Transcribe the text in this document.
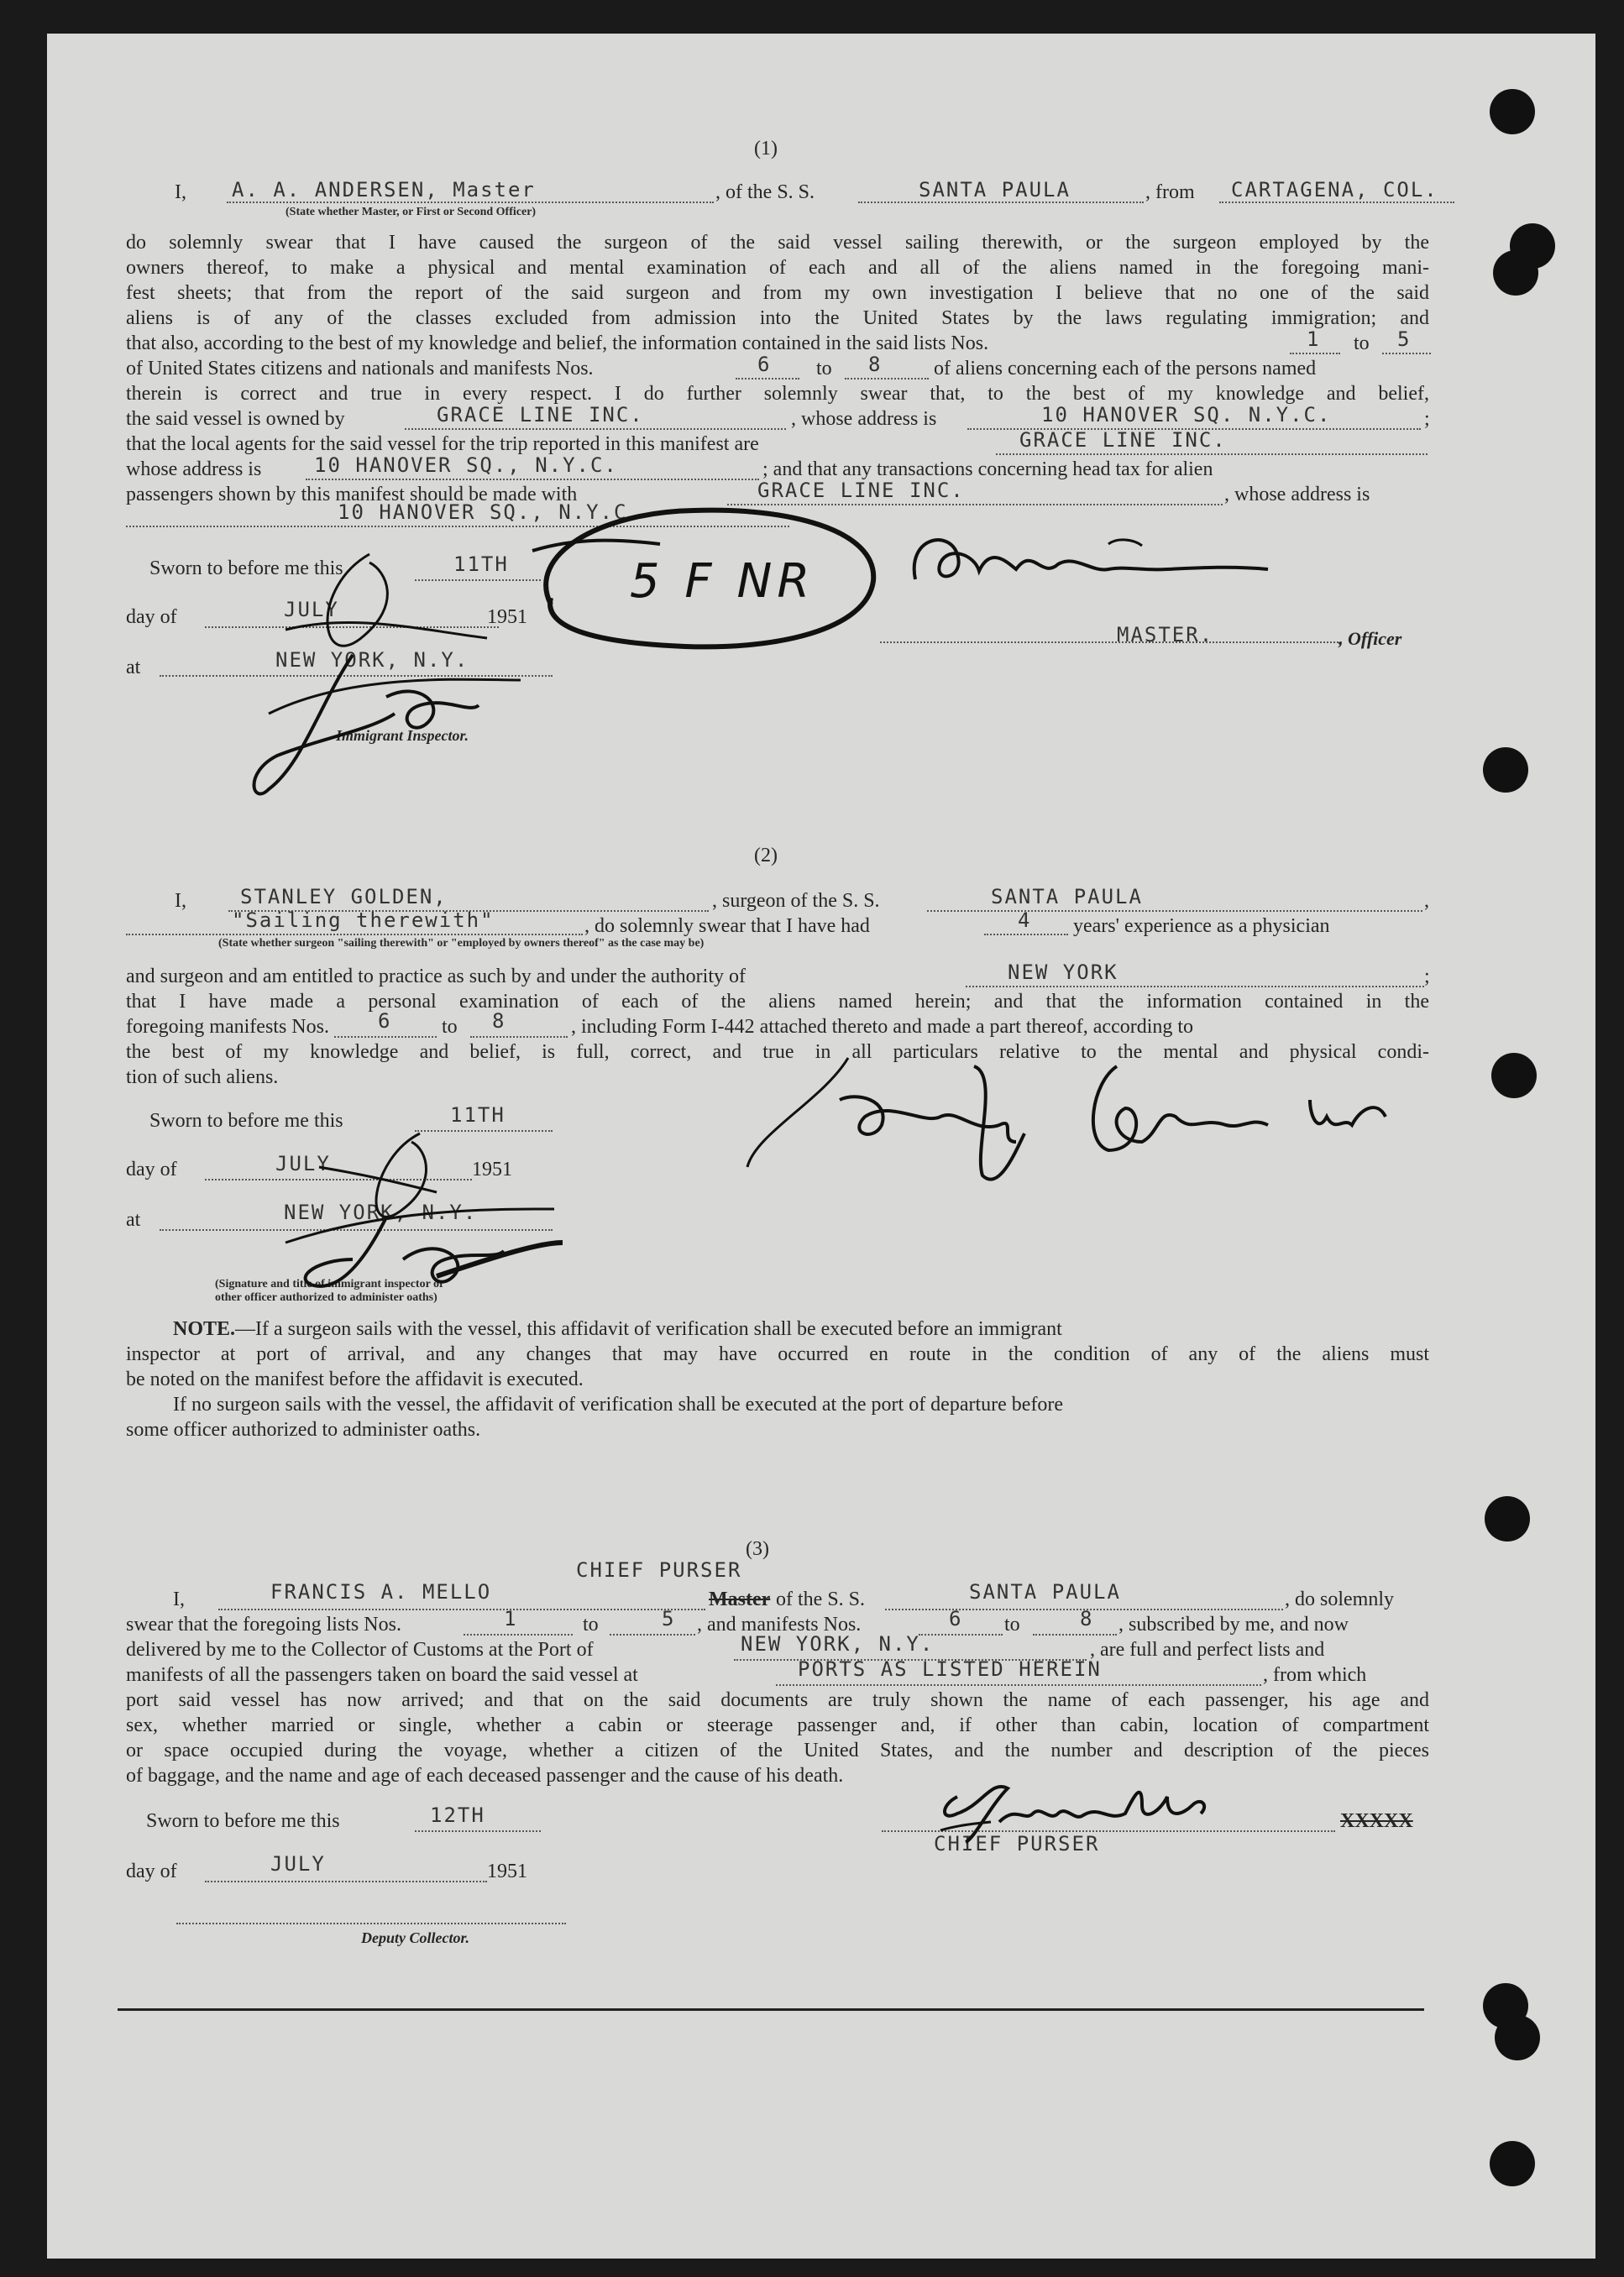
(1)
I, A. A. ANDERSEN, Master	, of the S. S.	SANTA PAULA	, from CARTAGENA, COL.
(State whether Master, or First or Second Officer)
do solemnly swear that I have caused the surgeon of the said vessel sailing therewith, or the surgeon employed by the
owners thereof, to make a physical and mental examination of each and all of the aliens named in the foregoing mani-
fest sheets; that from the report of the said surgeon and from my own investigation I believe that no one of the said
aliens is of any of the classes excluded from admission into the United States by the laws regulating immigration; and
that also, according to the best of my knowledge and belief, the information contained in the said lists Nos.	1 to 5
of United States citizens and nationals and manifests Nos.	6 to 8	of aliens concerning each of the persons named
therein is correct and true in every respect. I do further solemnly swear that, to the best of my knowledge and belief,
the said vessel is owned by	GRACE LINE INC.	, whose address is	10 HANOVER SQ. N.Y.C.	;
that the local agents for the said vessel for the trip reported in this manifest are	GRACE LINE INC.
whose address is	10 HANOVER SQ., N.Y.C.	; and that any transactions concerning head tax for alien
passengers shown by this manifest should be made with	GRACE LINE INC.	, whose address is
10 HANOVER SQ., N.Y.C.
Sworn to before me this	11TH
day of	JULY	1951
at	NEW YORK, N.Y.
Immigrant Inspector.
MASTER.	, Officer
5 F NR
(2)
I,	STANLEY GOLDEN,	, surgeon of the S. S.	SANTA PAULA	,
"Sailing therewith"	, do solemnly swear that I have had	4 years' experience as a physician
(State whether surgeon "sailing therewith" or "employed by owners thereof" as the case may be)
and surgeon and am entitled to practice as such by and under the authority of	NEW YORK	;
that I have made a personal examination of each of the aliens named herein; and that the information contained in the
foregoing manifests Nos. 6 to 8	, including Form I-442 attached thereto and made a part thereof, according to
the best of my knowledge and belief, is full, correct, and true in all particulars relative to the mental and physical condi-
tion of such aliens.
Sworn to before me this	11TH
day of	JULY	1951
at	NEW YORK, N.Y.
(Signature and title of immigrant inspector or
other officer authorized to administer oaths)
NOTE.—If a surgeon sails with the vessel, this affidavit of verification shall be executed before an immigrant
inspector at port of arrival, and any changes that may have occurred en route in the condition of any of the aliens must
be noted on the manifest before the affidavit is executed.
If no surgeon sails with the vessel, the affidavit of verification shall be executed at the port of departure before
some officer authorized to administer oaths.
(3)
CHIEF PURSER
I,	FRANCIS A. MELLO	Master of the S. S.	SANTA PAULA	, do solemnly
swear that the foregoing lists Nos.	1	to	5 , and manifests Nos.	6 to	8 , subscribed by me, and now
delivered by me to the Collector of Customs at the Port of	NEW YORK, N.Y.	, are full and perfect lists and
manifests of all the passengers taken on board the said vessel at	PORTS AS LISTED HEREIN	, from which
port said vessel has now arrived; and that on the said documents are truly shown the name of each passenger, his age and
sex, whether married or single, whether a cabin or steerage passenger and, if other than cabin, location of compartment
or space occupied during the voyage, whether a citizen of the United States, and the number and description of the pieces
of baggage, and the name and age of each deceased passenger and the cause of his death.
Sworn to before me this	12TH
day of	JULY	1951
Deputy Collector.
CHIEF PURSER
XXXXX
